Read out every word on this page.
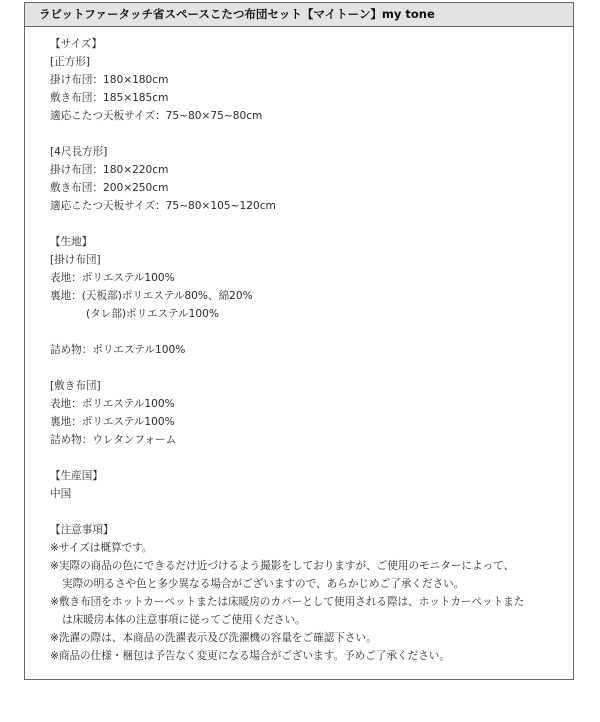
ラビットファータッチ省スペースこたつ布団セット【マイトーン】my tone
【サイズ】
[正方形]
掛け布団：180×180cm
敷き布団：185×185cm
適応こたつ天板サイズ：75~80×75~80cm
[4尺長方形]
掛け布団：180×220cm
敷き布団：200×250cm
適応こたつ天板サイズ：75~80×105~120cm
【生地】
[掛け布団]
表地：ポリエステル100%
裏地：(天板部)ポリエステル80%、綿20%
(タレ部)ポリエステル100%
詰め物：ポリエステル100%
[敷き布団]
表地：ポリエステル100%
裏地：ポリエステル100%
詰め物：ウレタンフォーム
【生産国】
中国
【注意事項】
※サイズは概算です。
※実際の商品の色にできるだけ近づけるよう撮影をしておりますが、ご使用のモニターによって、
実際の明るさや色と多少異なる場合がございますので、あらかじめご了承ください。
※敷き布団をホットカーペットまたは床暖房のカバーとして使用される際は、ホットカーペットまた
は床暖房本体の注意事項に従ってご使用ください。
※洗濯の際は、本商品の洗濯表示及び洗濯機の容量をご確認下さい。
※商品の仕様・梱包は予告なく変更になる場合がございます。予めご了承ください。
